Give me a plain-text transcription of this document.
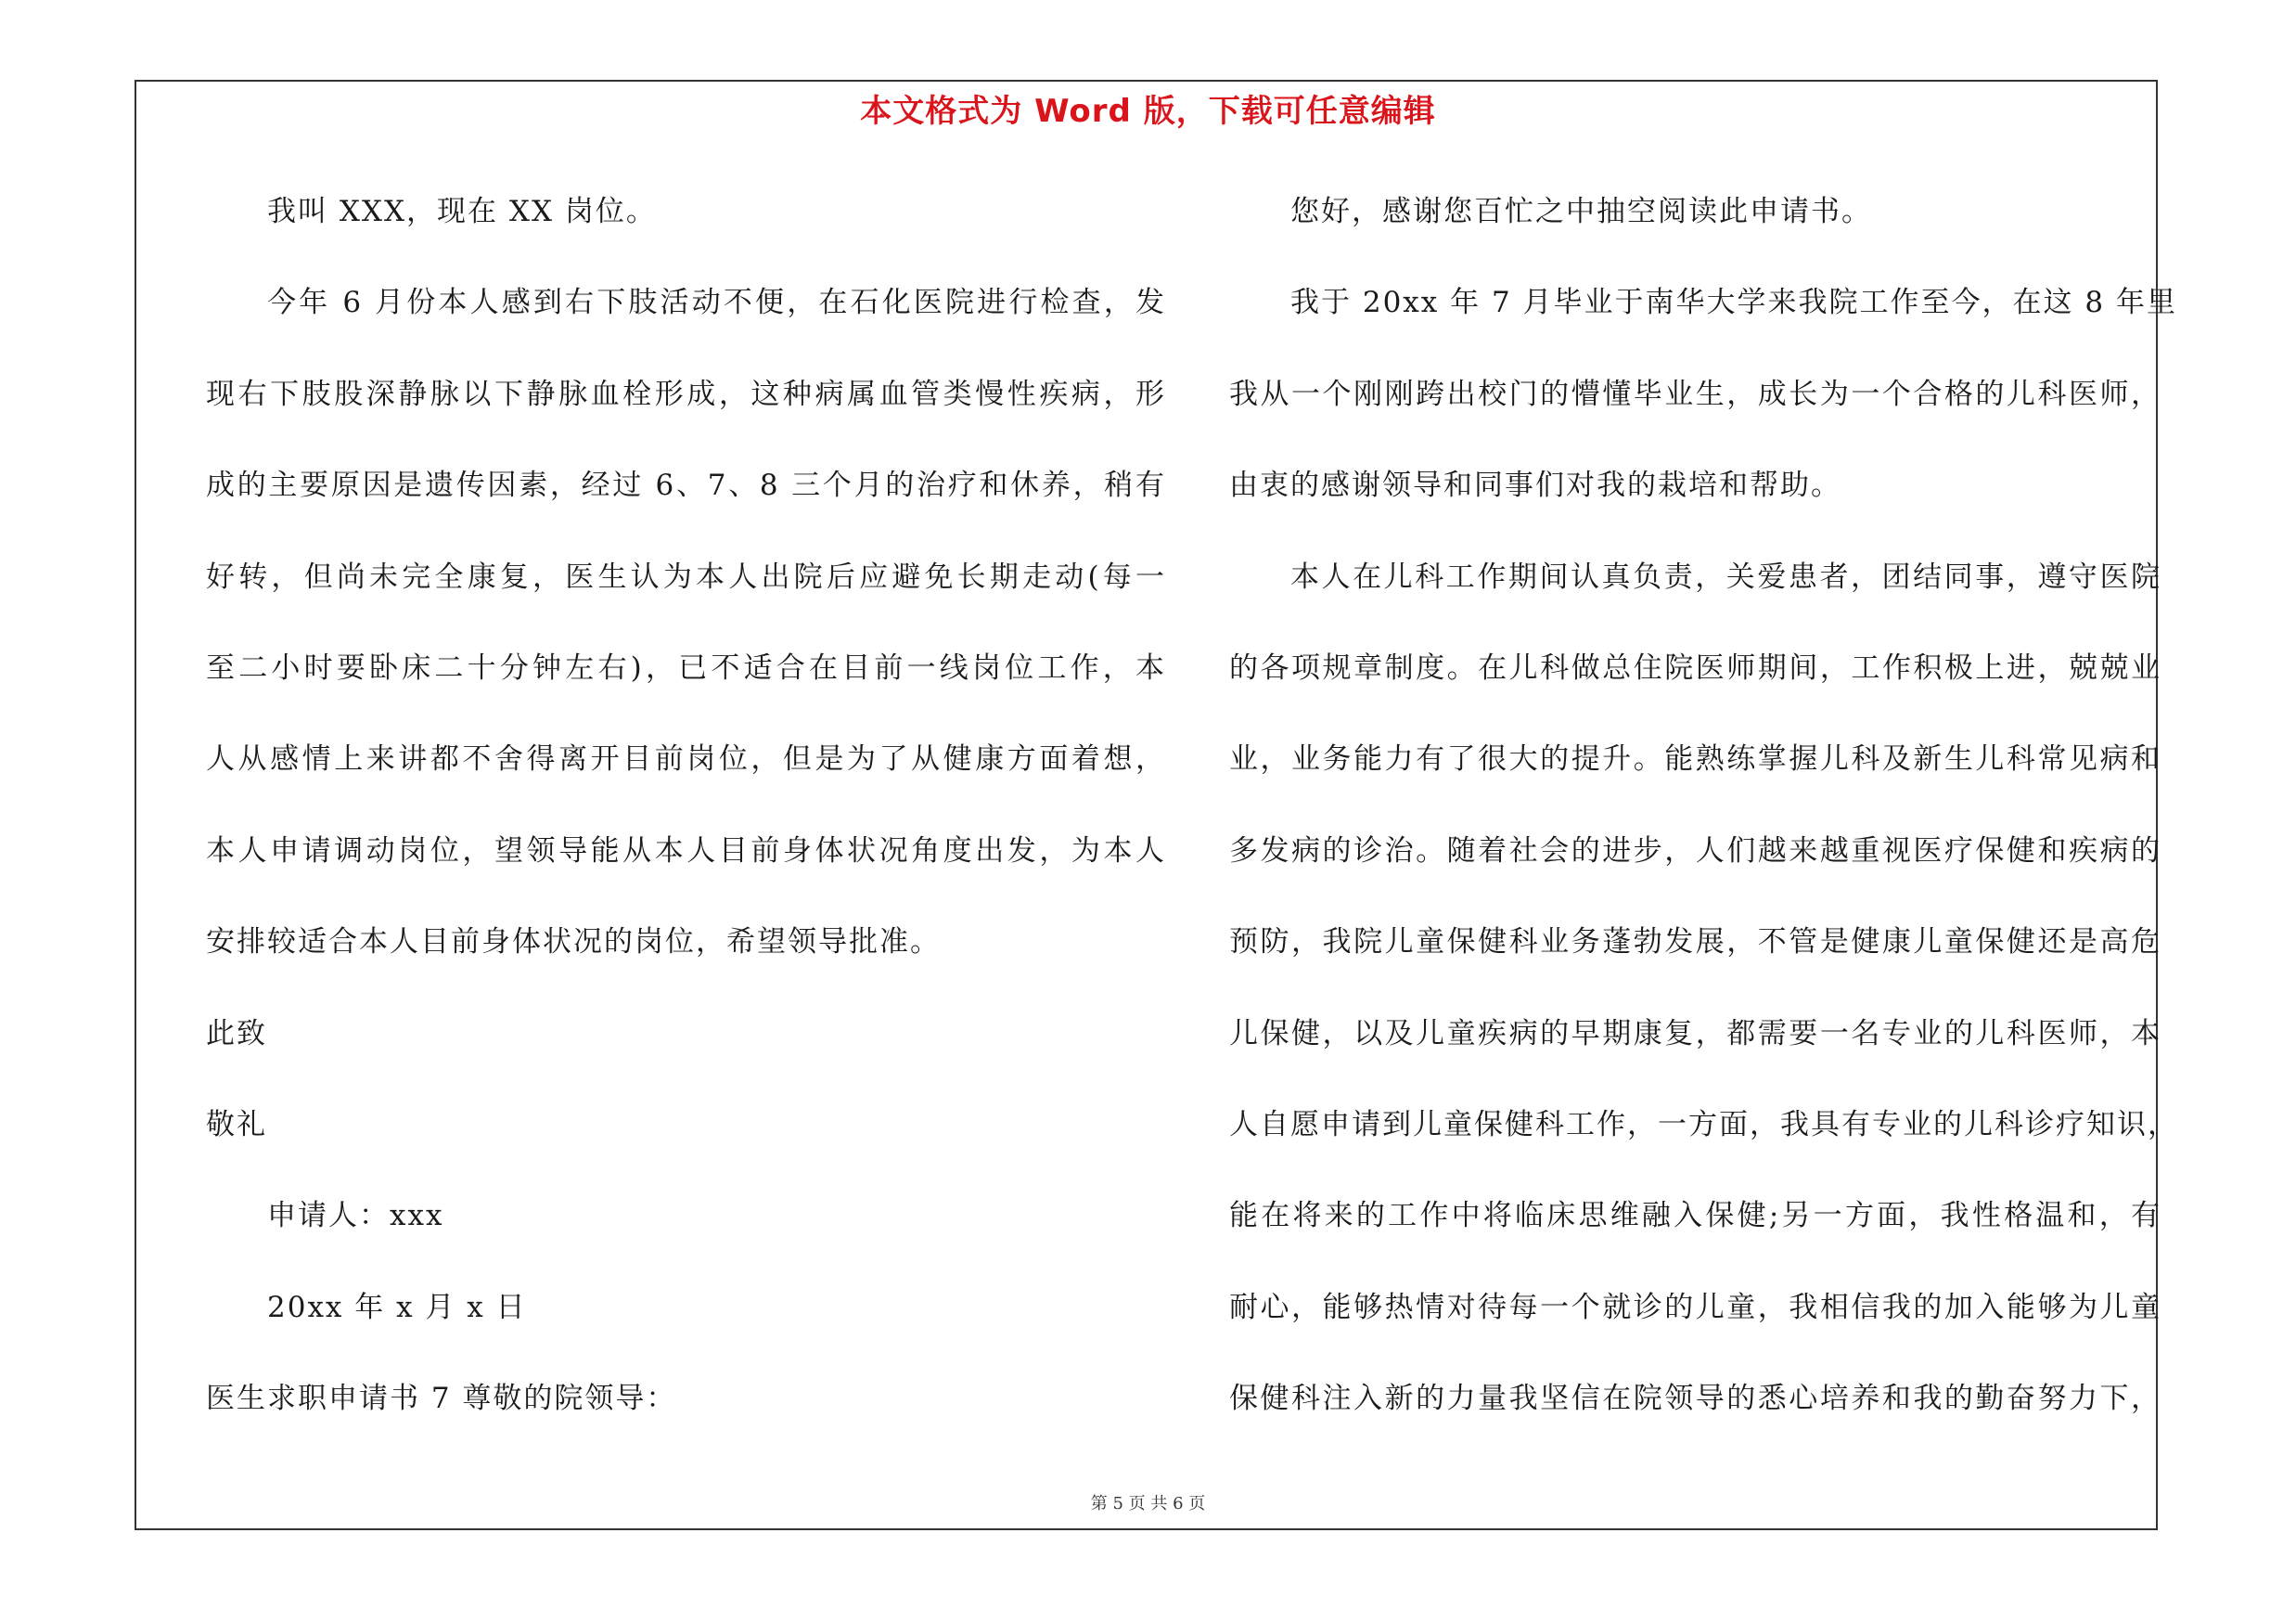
本文格式为 Word 版，下载可任意编辑
我叫 XXX，现在 XX 岗位。
今年 6 月份本人感到右下肢活动不便，在石化医院进行检查，发
现右下肢股深静脉以下静脉血栓形成，这种病属血管类慢性疾病，形
成的主要原因是遗传因素，经过 6、7、8 三个月的治疗和休养，稍有
好转，但尚未完全康复，医生认为本人出院后应避免长期走动(每一
至二小时要卧床二十分钟左右)，已不适合在目前一线岗位工作，本
人从感情上来讲都不舍得离开目前岗位，但是为了从健康方面着想，
本人申请调动岗位，望领导能从本人目前身体状况角度出发，为本人
安排较适合本人目前身体状况的岗位，希望领导批准。
此致
敬礼
申请人：xxx
20xx 年 x 月 x 日
医生求职申请书 7 尊敬的院领导：
您好，感谢您百忙之中抽空阅读此申请书。
我于 20xx 年 7 月毕业于南华大学来我院工作至今，在这 8 年里
我从一个刚刚跨出校门的懵懂毕业生，成长为一个合格的儿科医师，
由衷的感谢领导和同事们对我的栽培和帮助。
本人在儿科工作期间认真负责，关爱患者，团结同事，遵守医院
的各项规章制度。在儿科做总住院医师期间，工作积极上进，兢兢业
业，业务能力有了很大的提升。能熟练掌握儿科及新生儿科常见病和
多发病的诊治。随着社会的进步，人们越来越重视医疗保健和疾病的
预防，我院儿童保健科业务蓬勃发展，不管是健康儿童保健还是高危
儿保健，以及儿童疾病的早期康复，都需要一名专业的儿科医师，本
人自愿申请到儿童保健科工作，一方面，我具有专业的儿科诊疗知识，
能在将来的工作中将临床思维融入保健;另一方面，我性格温和，有
耐心，能够热情对待每一个就诊的儿童，我相信我的加入能够为儿童
保健科注入新的力量我坚信在院领导的悉心培养和我的勤奋努力下，
第 5 页 共 6 页
